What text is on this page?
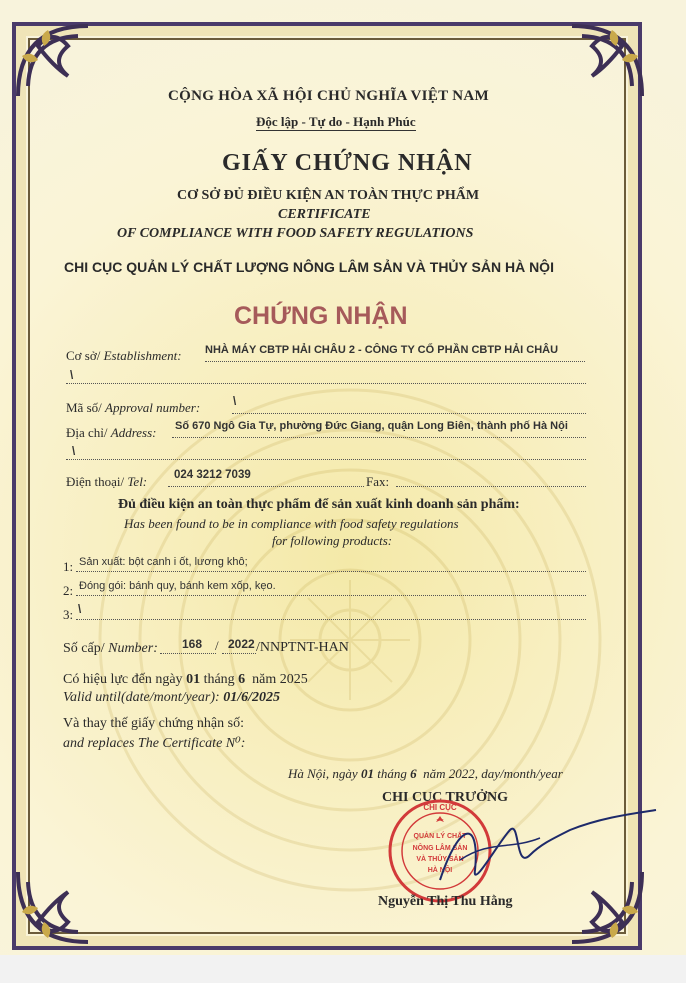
CỘNG HÒA XÃ HỘI CHỦ NGHĨA VIỆT NAM
Độc lập - Tự do - Hạnh Phúc
GIẤY CHỨNG NHẬN
CƠ SỞ ĐỦ ĐIỀU KIỆN AN TOÀN THỰC PHẨM
CERTIFICATE
OF COMPLIANCE WITH FOOD SAFETY REGULATIONS
CHI CỤC QUẢN LÝ CHẤT LƯỢNG NÔNG LÂM SẢN VÀ THỦY SẢN HÀ NỘI
CHỨNG NHẬN
Cơ sở/ Establishment: NHÀ MÁY CBTP HẢI CHÂU 2 - CÔNG TY CỔ PHẦN CBTP HẢI CHÂU
\
Mã số/ Approval number:	\
Địa chỉ/ Address: Số 670 Ngô Gia Tự, phường Đức Giang, quận Long Biên, thành phố Hà Nội
\
Điện thoại/ Tel: 024 3212 7039	Fax:
Đủ điều kiện an toàn thực phẩm để sản xuất kinh doanh sản phẩm:
Has been found to be in compliance with food safety regulations
for following products:
1: Sản xuất: bột canh i ốt, lương khô;
2: Đóng gói: bánh quy, bánh kem xốp, kẹo.
3: \
Số cấp/ Number: 168 / 2022 /NNPTNT-HAN
Có hiệu lực đến ngày 01 tháng 6 năm 2025
Valid until(date/mont/year): 01/6/2025
Và thay thế giấy chứng nhận số:
and replaces The Certificate N⁰:
Hà Nội, ngày 01 tháng 6 năm 2022, day/month/year
CHI CỤC TRƯỞNG
CHI CỤC
QUẢN LÝ CHẤT
NÔNG LÂM SẢN
VÀ THỦY SẢN
HÀ NỘI
Nguyễn Thị Thu Hằng
